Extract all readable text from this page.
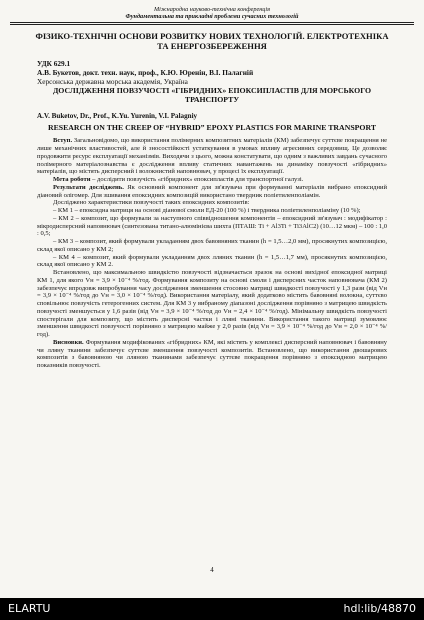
Міжнародна науково-технічна конференція
Фундаментальна та прикладні проблеми сучасних технологій
ФІЗИКО-ТЕХНІЧНІ ОСНОВИ РОЗВИТКУ НОВИХ ТЕХНОЛОГІЙ. ЕЛЕКТРОТЕХНІКА ТА ЕНЕРГОЗБЕРЕЖЕННЯ
УДК 629.1
А.В. Букетов, докт. техн. наук, проф., К.Ю. Юренін, В.І. Палагній
Херсонська державна морська академія, Україна
ДОСЛІДЖЕННЯ ПОВЗУЧОСТІ «ГІБРИДНИХ» ЕПОКСИПЛАСТІВ ДЛЯ МОРСЬКОГО ТРАНСПОРТУ
A.V. Buketov, Dr., Prof., K.Yu. Yurenin, V.I. Palagniy
RESEARCH ON THE CREEP OF “HYBRID” EPOXY PLASTICS FOR MARINE TRANSPORT

Вступ. Загальновідомо, що використання полімерних композитних матеріалів (КМ) забезпечує суттєве покращення не лише механічних властивостей, але й зносостійкості устаткування в умовах впливу агресивних середовищ. Це дозволяє продовжити ресурс експлуатації механізмів. Виходячи з цього, можна констатувати, що одним з важливих завдань сучасного полімерного матеріалознавства є дослідження впливу статичних навантажень на динаміку повзучості «гібридних» матеріалів, що містять дисперсний і волокнистий наповнювач, у процесі їх експлуатації.

Мета роботи – дослідити повзучість «гібридних» епоксипластів для транспортної галузі.

Результати досліджень. Як основний компонент для зв'язувача при формуванні матеріалів вибрано епоксидний діановий олігомер. Для зшивання епоксидних композицій використано твердник поліетиленполіамін.

Досліджено характеристики повзучості таких епоксидних композитів:

– КМ 1 – епоксидна матриця на основі діанової смоли ЕД-20 (100 %) і твердника поліетиленполіаміну (10 %);

– КМ 2 – композит, що формували за наступного співвідношення компонентів – епоксидний зв'язувач : модифікатор : мікродисперсний наповнювач (синтезована титано-алюмінієва шихта (ПТАШ: Ті + Al3Ti + Ti3AlC2) (10…12 мкм) – 100 : 1,0 : 0,5;

– КМ 3 – композит, який формували укладанням двох бавовняних тканин (h = 1,5…2,0 мм), просякнутих композицією, склад якої описано у КМ 2;

– КМ 4 – композит, який формували укладанням двох лляних тканин (h = 1,5…1,7 мм), просякнутих композицією, склад якої описано у КМ 2.

Встановлено, що максимальною швидкістю повзучості відзначається зразок на основі вихідної епоксидної матриці КМ 1, для якого Vн = 3,9 × 10⁻⁴ %/год. Формування композиту на основі смоли і дисперсних часток наповнювача (КМ 2) забезпечує впродовж випробування часу дослідження зменшення стосовно матриці швидкості повзучості у 1,3 рази (від Vн = 3,9 × 10⁻⁴ %/год до Vн = 3,0 × 10⁻⁴ %/год). Використання матеріалу, який додатково містить бавовняні волокна, суттєво сповільнює повзучість гетерогенних систем. Для КМ 3 у вибраному діапазоні дослідження порівняно з матрицею швидкість повзучості зменшується у 1,6 разів (від Vн = 3,9 × 10⁻⁴ %/год до Vн = 2,4 × 10⁻⁴ %/год). Мінімальну швидкість повзучості спостерігали для композиту, що містить дисперсні частки і лляні тканини. Використання такого матриці зумовлює зменшення швидкості повзучості порівняно з матрицею майже у 2,0 разів (від Vн = 3,9 × 10⁻⁴ %/год до Vн = 2,0 × 10⁻⁴ %/год).

Висновки. Формування модифікованих «гібридних» КМ, які містять у комплексі дисперсний наповнювач і бавовняну чи лляну тканини забезпечує суттєве зменшення повзучості композитів. Встановлено, що використання двошарових композитів з бавовняною чи лляною тканинами забезпечує суттєве покращення порівняно з епоксидною матрицею показників повзучості.

4
ELARTU	hdl:lib/48870
